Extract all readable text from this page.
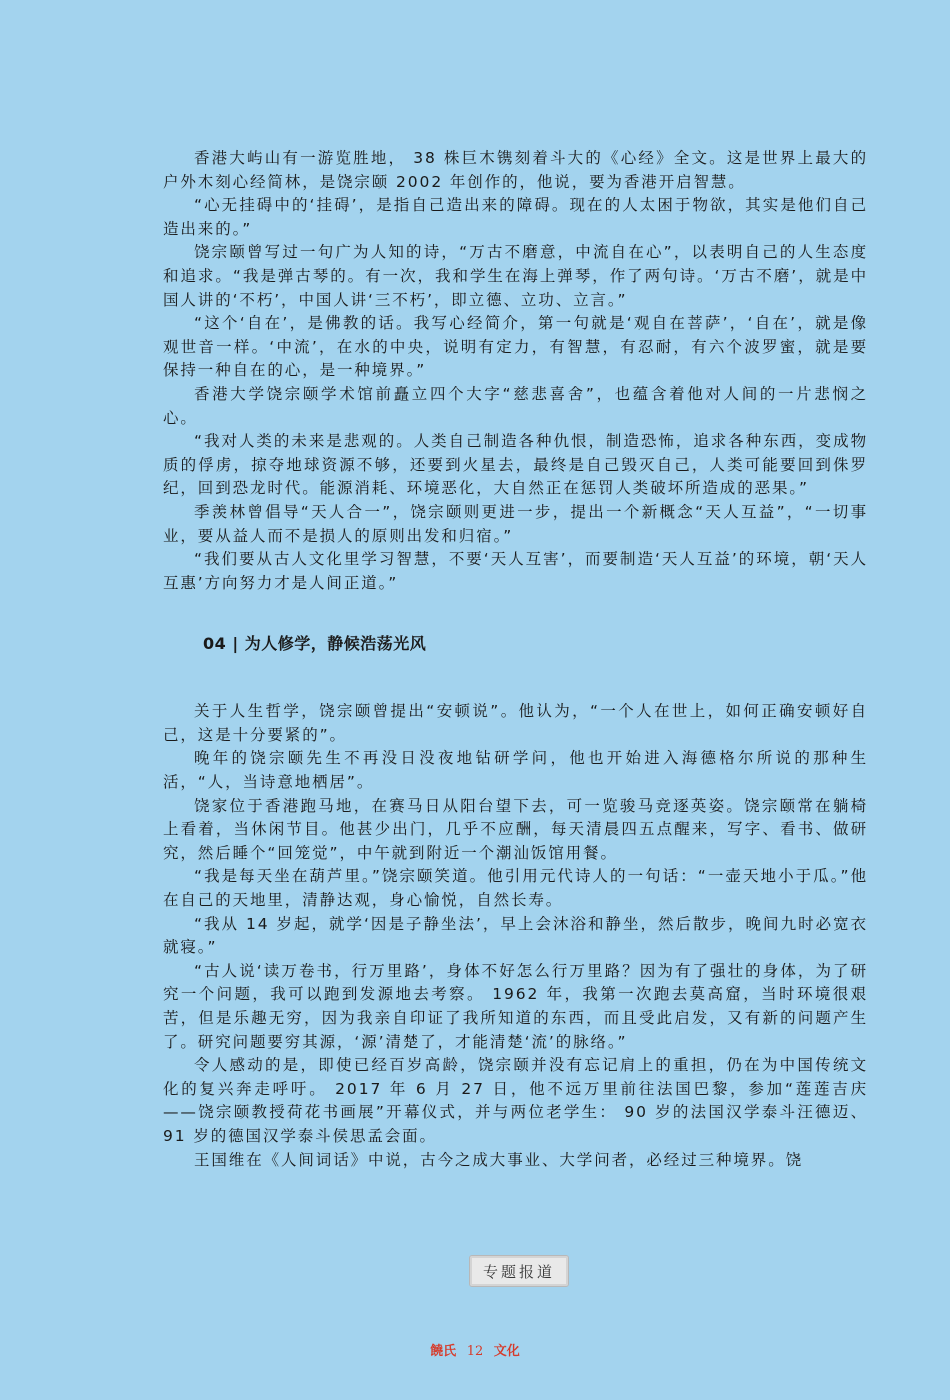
香港大屿山有一游览胜地， 38 株巨木镌刻着斗大的《心经》全文。这是世界上最大的户外木刻心经简林，是饶宗颐 2002 年创作的，他说，要为香港开启智慧。

“心无挂碍中的‘挂碍’，是指自己造出来的障碍。现在的人太困于物欲，其实是他们自己造出来的。”

饶宗颐曾写过一句广为人知的诗，“万古不磨意，中流自在心”，以表明自己的人生态度和追求。“我是弹古琴的。有一次，我和学生在海上弹琴，作了两句诗。‘万古不磨’，就是中国人讲的‘不朽’，中国人讲‘三不朽’，即立德、立功、立言。”

“这个‘自在’，是佛教的话。我写心经简介，第一句就是‘观自在菩萨’，‘自在’，就是像观世音一样。‘中流’，在水的中央，说明有定力，有智慧，有忍耐，有六个波罗蜜，就是要保持一种自在的心，是一种境界。”

香港大学饶宗颐学术馆前矗立四个大字“慈悲喜舍”，也蕴含着他对人间的一片悲悯之心。

“我对人类的未来是悲观的。人类自己制造各种仇恨，制造恐怖，追求各种东西，变成物质的俘虏，掠夺地球资源不够，还要到火星去，最终是自己毁灭自己，人类可能要回到侏罗纪，回到恐龙时代。能源消耗、环境恶化，大自然正在惩罚人类破坏所造成的恶果。”

季羡林曾倡导“天人合一”，饶宗颐则更进一步，提出一个新概念“天人互益”，“一切事业，要从益人而不是损人的原则出发和归宿。”

“我们要从古人文化里学习智慧，不要‘天人互害’，而要制造‘天人互益’的环境，朝‘天人互惠’方向努力才是人间正道。”

04 | 为人修学，静候浩荡光风

关于人生哲学，饶宗颐曾提出“安顿说”。他认为，“一个人在世上，如何正确安顿好自己，这是十分要紧的”。

晚年的饶宗颐先生不再没日没夜地钻研学问，他也开始进入海德格尔所说的那种生活，“人，当诗意地栖居”。

饶家位于香港跑马地，在赛马日从阳台望下去，可一览骏马竞逐英姿。饶宗颐常在躺椅上看着，当休闲节目。他甚少出门，几乎不应酬，每天清晨四五点醒来，写字、看书、做研究，然后睡个“回笼觉”，中午就到附近一个潮汕饭馆用餐。

“我是每天坐在葫芦里。”饶宗颐笑道。他引用元代诗人的一句话：“一壶天地小于瓜。”他在自己的天地里，清静达观，身心愉悦，自然长寿。

“我从 14 岁起，就学‘因是子静坐法’，早上会沐浴和静坐，然后散步，晚间九时必宽衣就寝。”

“古人说‘读万卷书，行万里路’，身体不好怎么行万里路？因为有了强壮的身体，为了研究一个问题，我可以跑到发源地去考察。 1962 年，我第一次跑去莫高窟，当时环境很艰苦，但是乐趣无穷，因为我亲自印证了我所知道的东西，而且受此启发，又有新的问题产生了。研究问题要穷其源，‘源’清楚了，才能清楚‘流’的脉络。”

令人感动的是，即使已经百岁高龄，饶宗颐并没有忘记肩上的重担，仍在为中国传统文化的复兴奔走呼吁。 2017 年 6 月 27 日，他不远万里前往法国巴黎，参加“莲莲吉庆——饶宗颐教授荷花书画展”开幕仪式，并与两位老学生： 90 岁的法国汉学泰斗汪德迈、 91 岁的德国汉学泰斗侯思孟会面。

王国维在《人间词话》中说，古今之成大事业、大学问者，必经过三种境界。饶

专题报道
饒氏 12 文化
